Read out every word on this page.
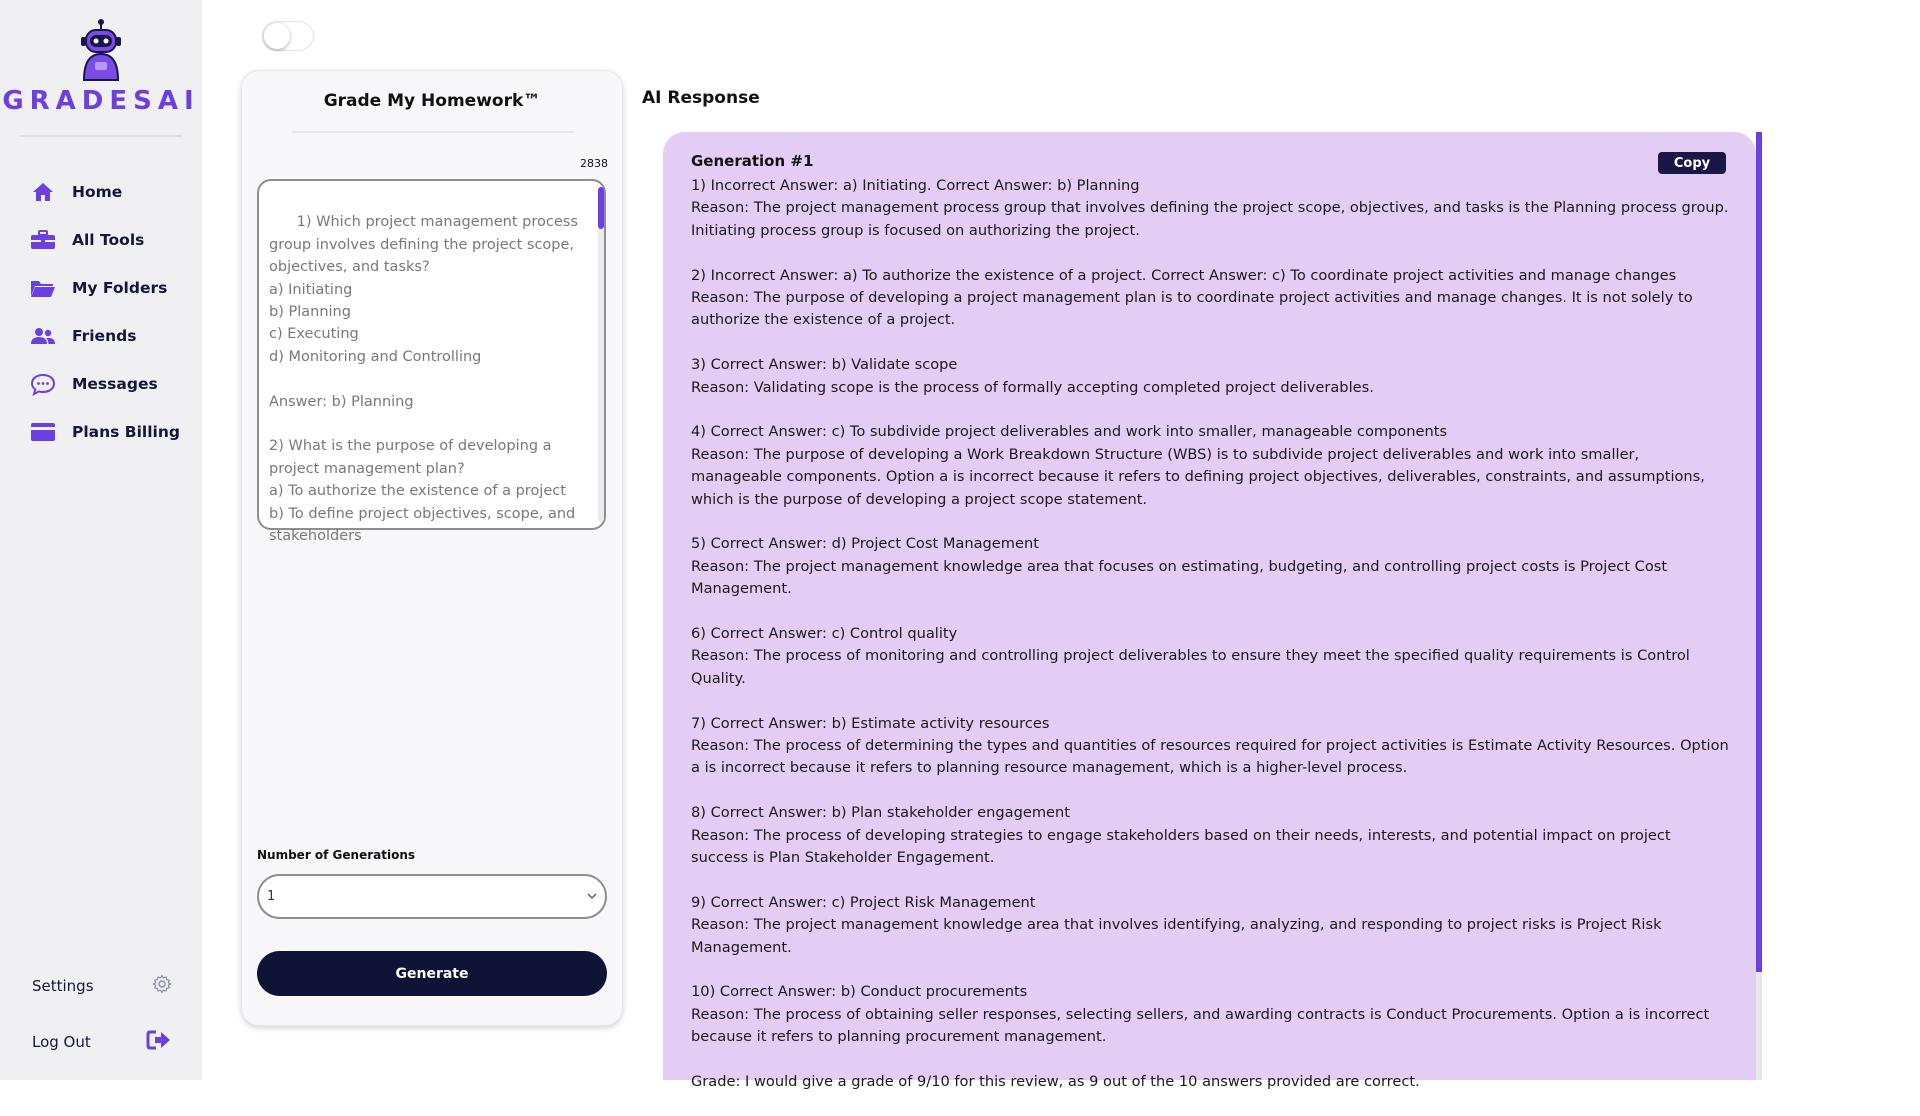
GRADESAI
Home
All Tools
My Folders
Friends
Messages
Plans Billing
Settings
Log Out
Grade My Homework™
2838

1) Which project management process group involves defining the project scope, objectives, and tasks?
a) Initiating
b) Planning
c) Executing
d) Monitoring and Controlling

Answer: b) Planning

2) What is the purpose of developing a project management plan?
a) To authorize the existence of a project
b) To define project objectives, scope, and stakeholders

Number of Generations
1
Generate
AI Response
Generation #1	Copy
1) Incorrect Answer: a) Initiating. Correct Answer: b) Planning
Reason: The project management process group that involves defining the project scope, objectives, and tasks is the Planning process group. Initiating process group is focused on authorizing the project.
2) Incorrect Answer: a) To authorize the existence of a project. Correct Answer: c) To coordinate project activities and manage changes
Reason: The purpose of developing a project management plan is to coordinate project activities and manage changes. It is not solely to authorize the existence of a project.
3) Correct Answer: b) Validate scope
Reason: Validating scope is the process of formally accepting completed project deliverables.
4) Correct Answer: c) To subdivide project deliverables and work into smaller, manageable components
Reason: The purpose of developing a Work Breakdown Structure (WBS) is to subdivide project deliverables and work into smaller, manageable components. Option a is incorrect because it refers to defining project objectives, deliverables, constraints, and assumptions, which is the purpose of developing a project scope statement.
5) Correct Answer: d) Project Cost Management
Reason: The project management knowledge area that focuses on estimating, budgeting, and controlling project costs is Project Cost Management.
6) Correct Answer: c) Control quality
Reason: The process of monitoring and controlling project deliverables to ensure they meet the specified quality requirements is Control Quality.
7) Correct Answer: b) Estimate activity resources
Reason: The process of determining the types and quantities of resources required for project activities is Estimate Activity Resources. Option a is incorrect because it refers to planning resource management, which is a higher-level process.
8) Correct Answer: b) Plan stakeholder engagement
Reason: The process of developing strategies to engage stakeholders based on their needs, interests, and potential impact on project success is Plan Stakeholder Engagement.
9) Correct Answer: c) Project Risk Management
Reason: The project management knowledge area that involves identifying, analyzing, and responding to project risks is Project Risk Management.
10) Correct Answer: b) Conduct procurements
Reason: The process of obtaining seller responses, selecting sellers, and awarding contracts is Conduct Procurements. Option a is incorrect because it refers to planning procurement management.
Grade: I would give a grade of 9/10 for this review, as 9 out of the 10 answers provided are correct.
